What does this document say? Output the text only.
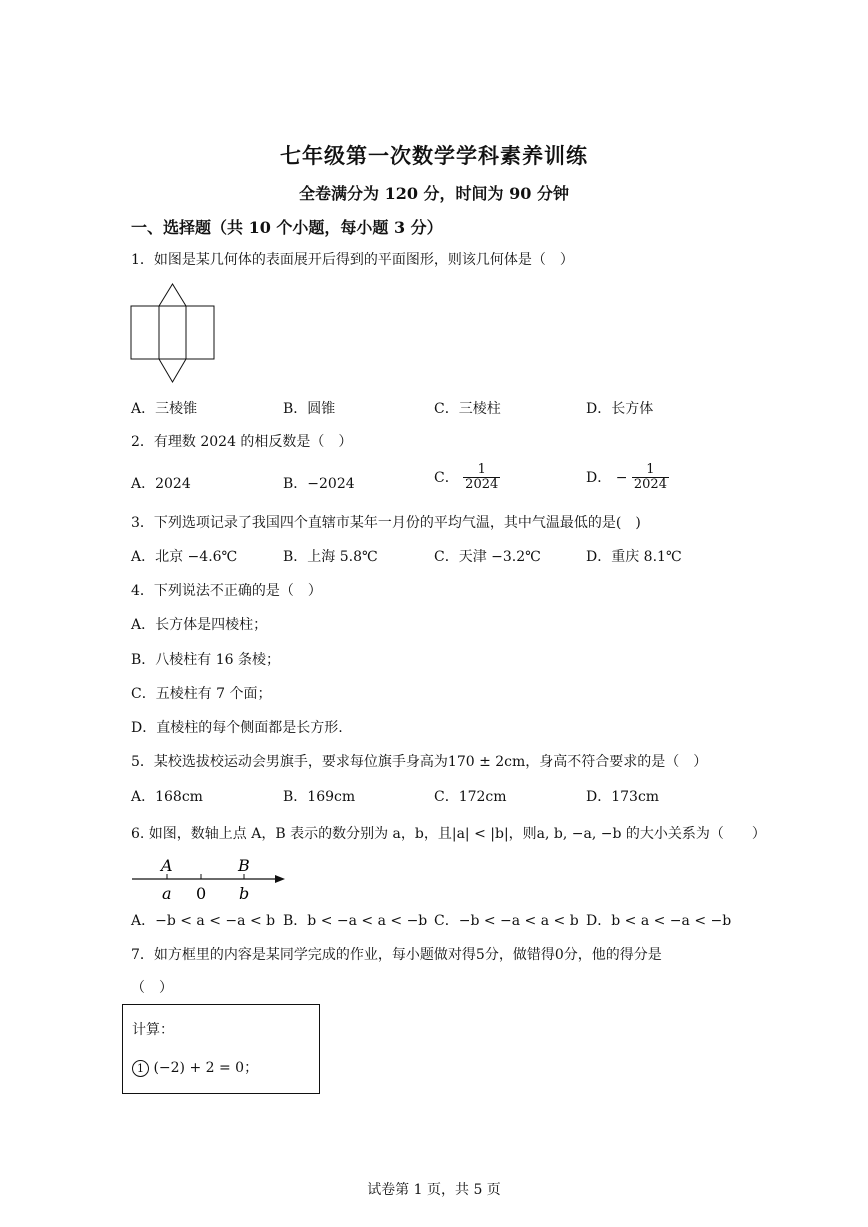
七年级第一次数学学科素养训练
全卷满分为 120 分，时间为 90 分钟
一、选择题（共 10 个小题，每小题 3 分）
1．如图是某几何体的表面展开后得到的平面图形，则该几何体是（　）
A．三棱锥	B．圆锥	C．三棱柱	D．长方体
2．有理数 2024 的相反数是（　）
A．2024	B．−2024	C． $\frac{1}{2024}$	D． − $\frac{1}{2024}$
3．下列选项记录了我国四个直辖市某年一月份的平均气温，其中气温最低的是(　)
A．北京 −4.6℃	B．上海 5.8℃	C．天津 −3.2℃	D．重庆 8.1℃
4．下列说法不正确的是（　）
A．长方体是四棱柱；
B．八棱柱有 16 条棱；
C．五棱柱有 7 个面；
D．直棱柱的每个侧面都是长方形.
5．某校选拔校运动会男旗手，要求每位旗手身高为170 ± 2cm，身高不符合要求的是（　）
A．168cm	B．169cm	C．172cm	D．173cm
6. 如图，数轴上点 A，B 表示的数分别为 a，b，且|a| < |b|，则a, b, −a, −b 的大小关系为（　　）
A	B
a 0 b
A．−b < a < −a < b B．b < −a < a < −b C．−b < −a < a < b D．b < a < −a < −b
7．如方框里的内容是某同学完成的作业，每小题做对得5分，做错得0分，他的得分是
（　）
计算：
1 (−2) + 2 = 0；
试卷第 1 页，共 5 页
